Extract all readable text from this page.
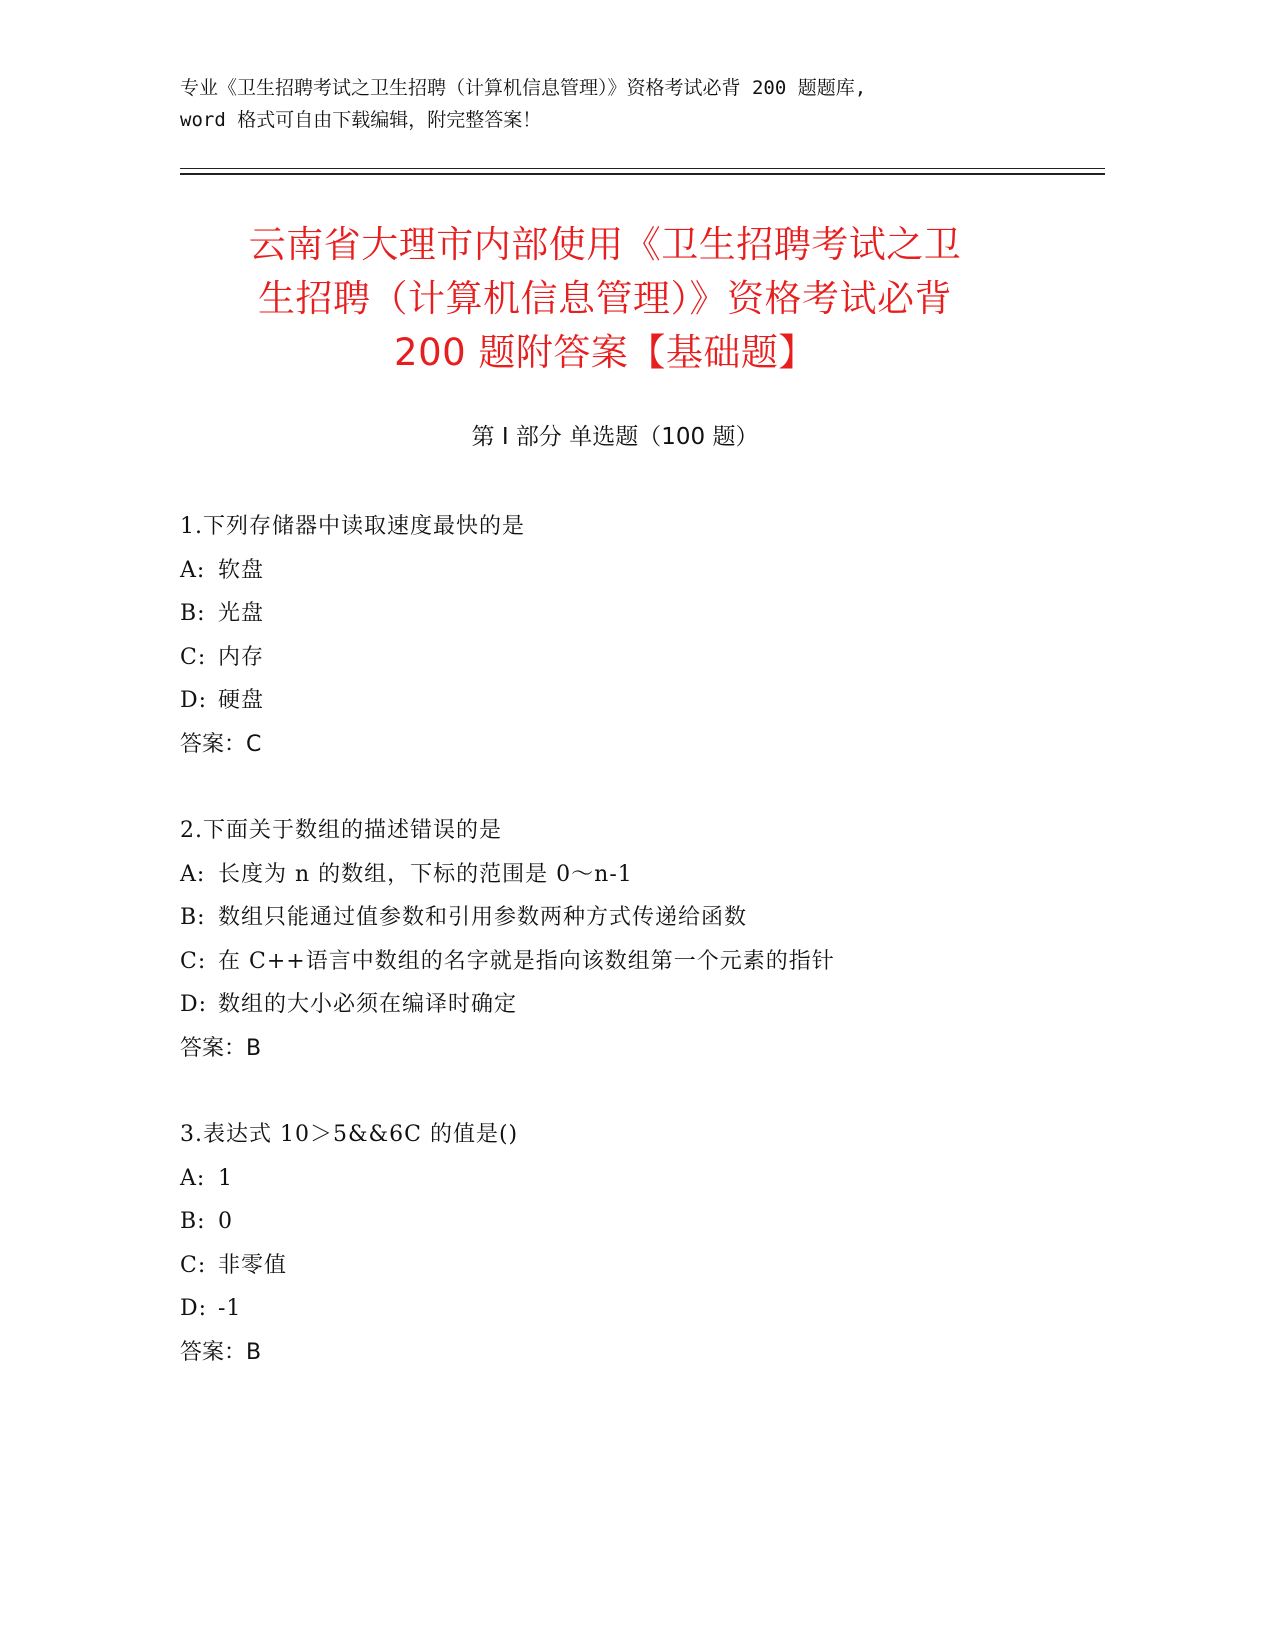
专业《卫生招聘考试之卫生招聘（计算机信息管理）》资格考试必背 200 题题库,
word 格式可自由下载编辑，附完整答案！
云南省大理市内部使用《卫生招聘考试之卫
生招聘（计算机信息管理）》资格考试必背
200 题附答案【基础题】
第 I 部分 单选题（100 题）
1.下列存储器中读取速度最快的是
A: 软盘
B: 光盘
C: 内存
D: 硬盘
答案：C
2.下面关于数组的描述错误的是
A: 长度为 n 的数组，下标的范围是 0～n-1
B: 数组只能通过值参数和引用参数两种方式传递给函数
C: 在 C++语言中数组的名字就是指向该数组第一个元素的指针
D: 数组的大小必须在编译时确定
答案：B
3.表达式 10＞5&&6C 的值是()
A: 1
B: 0
C: 非零值
D: -1
答案：B
